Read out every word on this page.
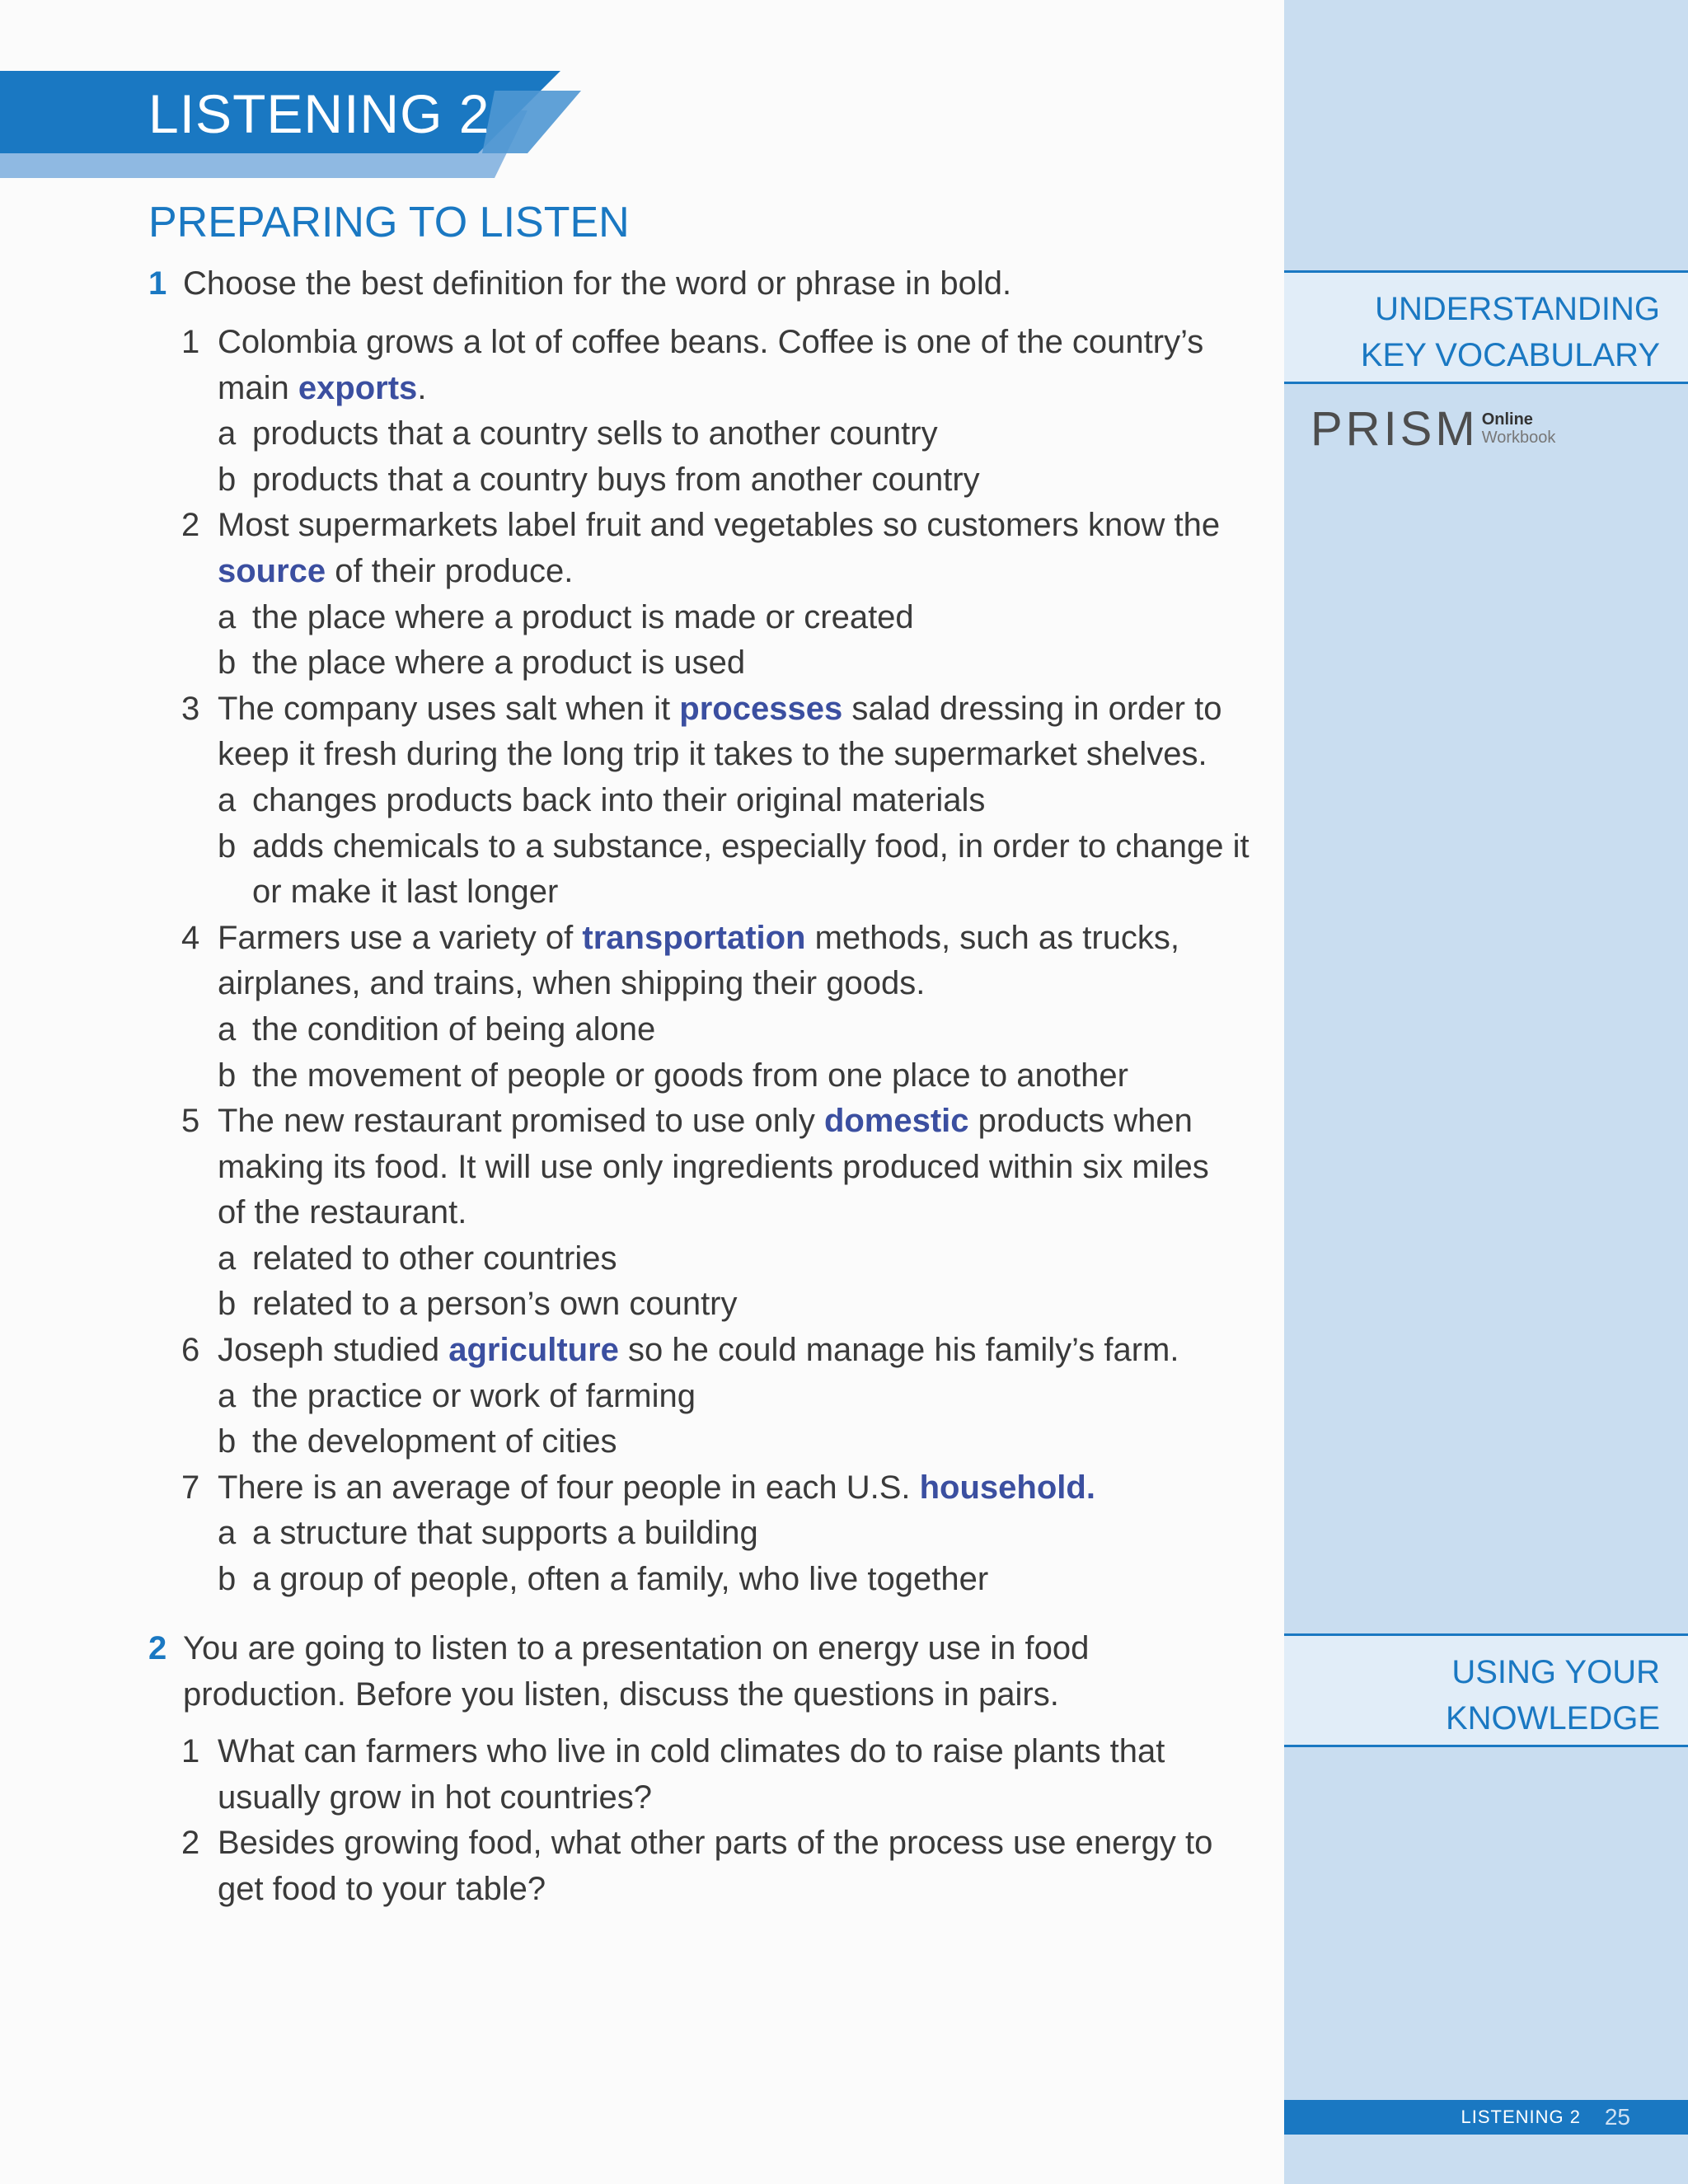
LISTENING 2
PREPARING TO LISTEN
1 Choose the best definition for the word or phrase in bold.
1 Colombia grows a lot of coffee beans. Coffee is one of the country’s
main exports.
a products that a country sells to another country
b products that a country buys from another country
2 Most supermarkets label fruit and vegetables so customers know the
source of their produce.
a the place where a product is made or created
b the place where a product is used
3 The company uses salt when it processes salad dressing in order to
keep it fresh during the long trip it takes to the supermarket shelves.
a changes products back into their original materials
b adds chemicals to a substance, especially food, in order to change it
or make it last longer
4 Farmers use a variety of transportation methods, such as trucks,
airplanes, and trains, when shipping their goods.
a the condition of being alone
b the movement of people or goods from one place to another
5 The new restaurant promised to use only domestic products when
making its food. It will use only ingredients produced within six miles
of the restaurant.
a related to other countries
b related to a person’s own country
6 Joseph studied agriculture so he could manage his family’s farm.
a the practice or work of farming
b the development of cities
7 There is an average of four people in each U.S. household.
a a structure that supports a building
b a group of people, often a family, who live together
2 You are going to listen to a presentation on energy use in food
production. Before you listen, discuss the questions in pairs.
1 What can farmers who live in cold climates do to raise plants that
usually grow in hot countries?
2 Besides growing food, what other parts of the process use energy to
get food to your table?
UNDERSTANDING
KEY VOCABULARY
PRISM Online
Workbook
USING YOUR
KNOWLEDGE
LISTENING 2 25
